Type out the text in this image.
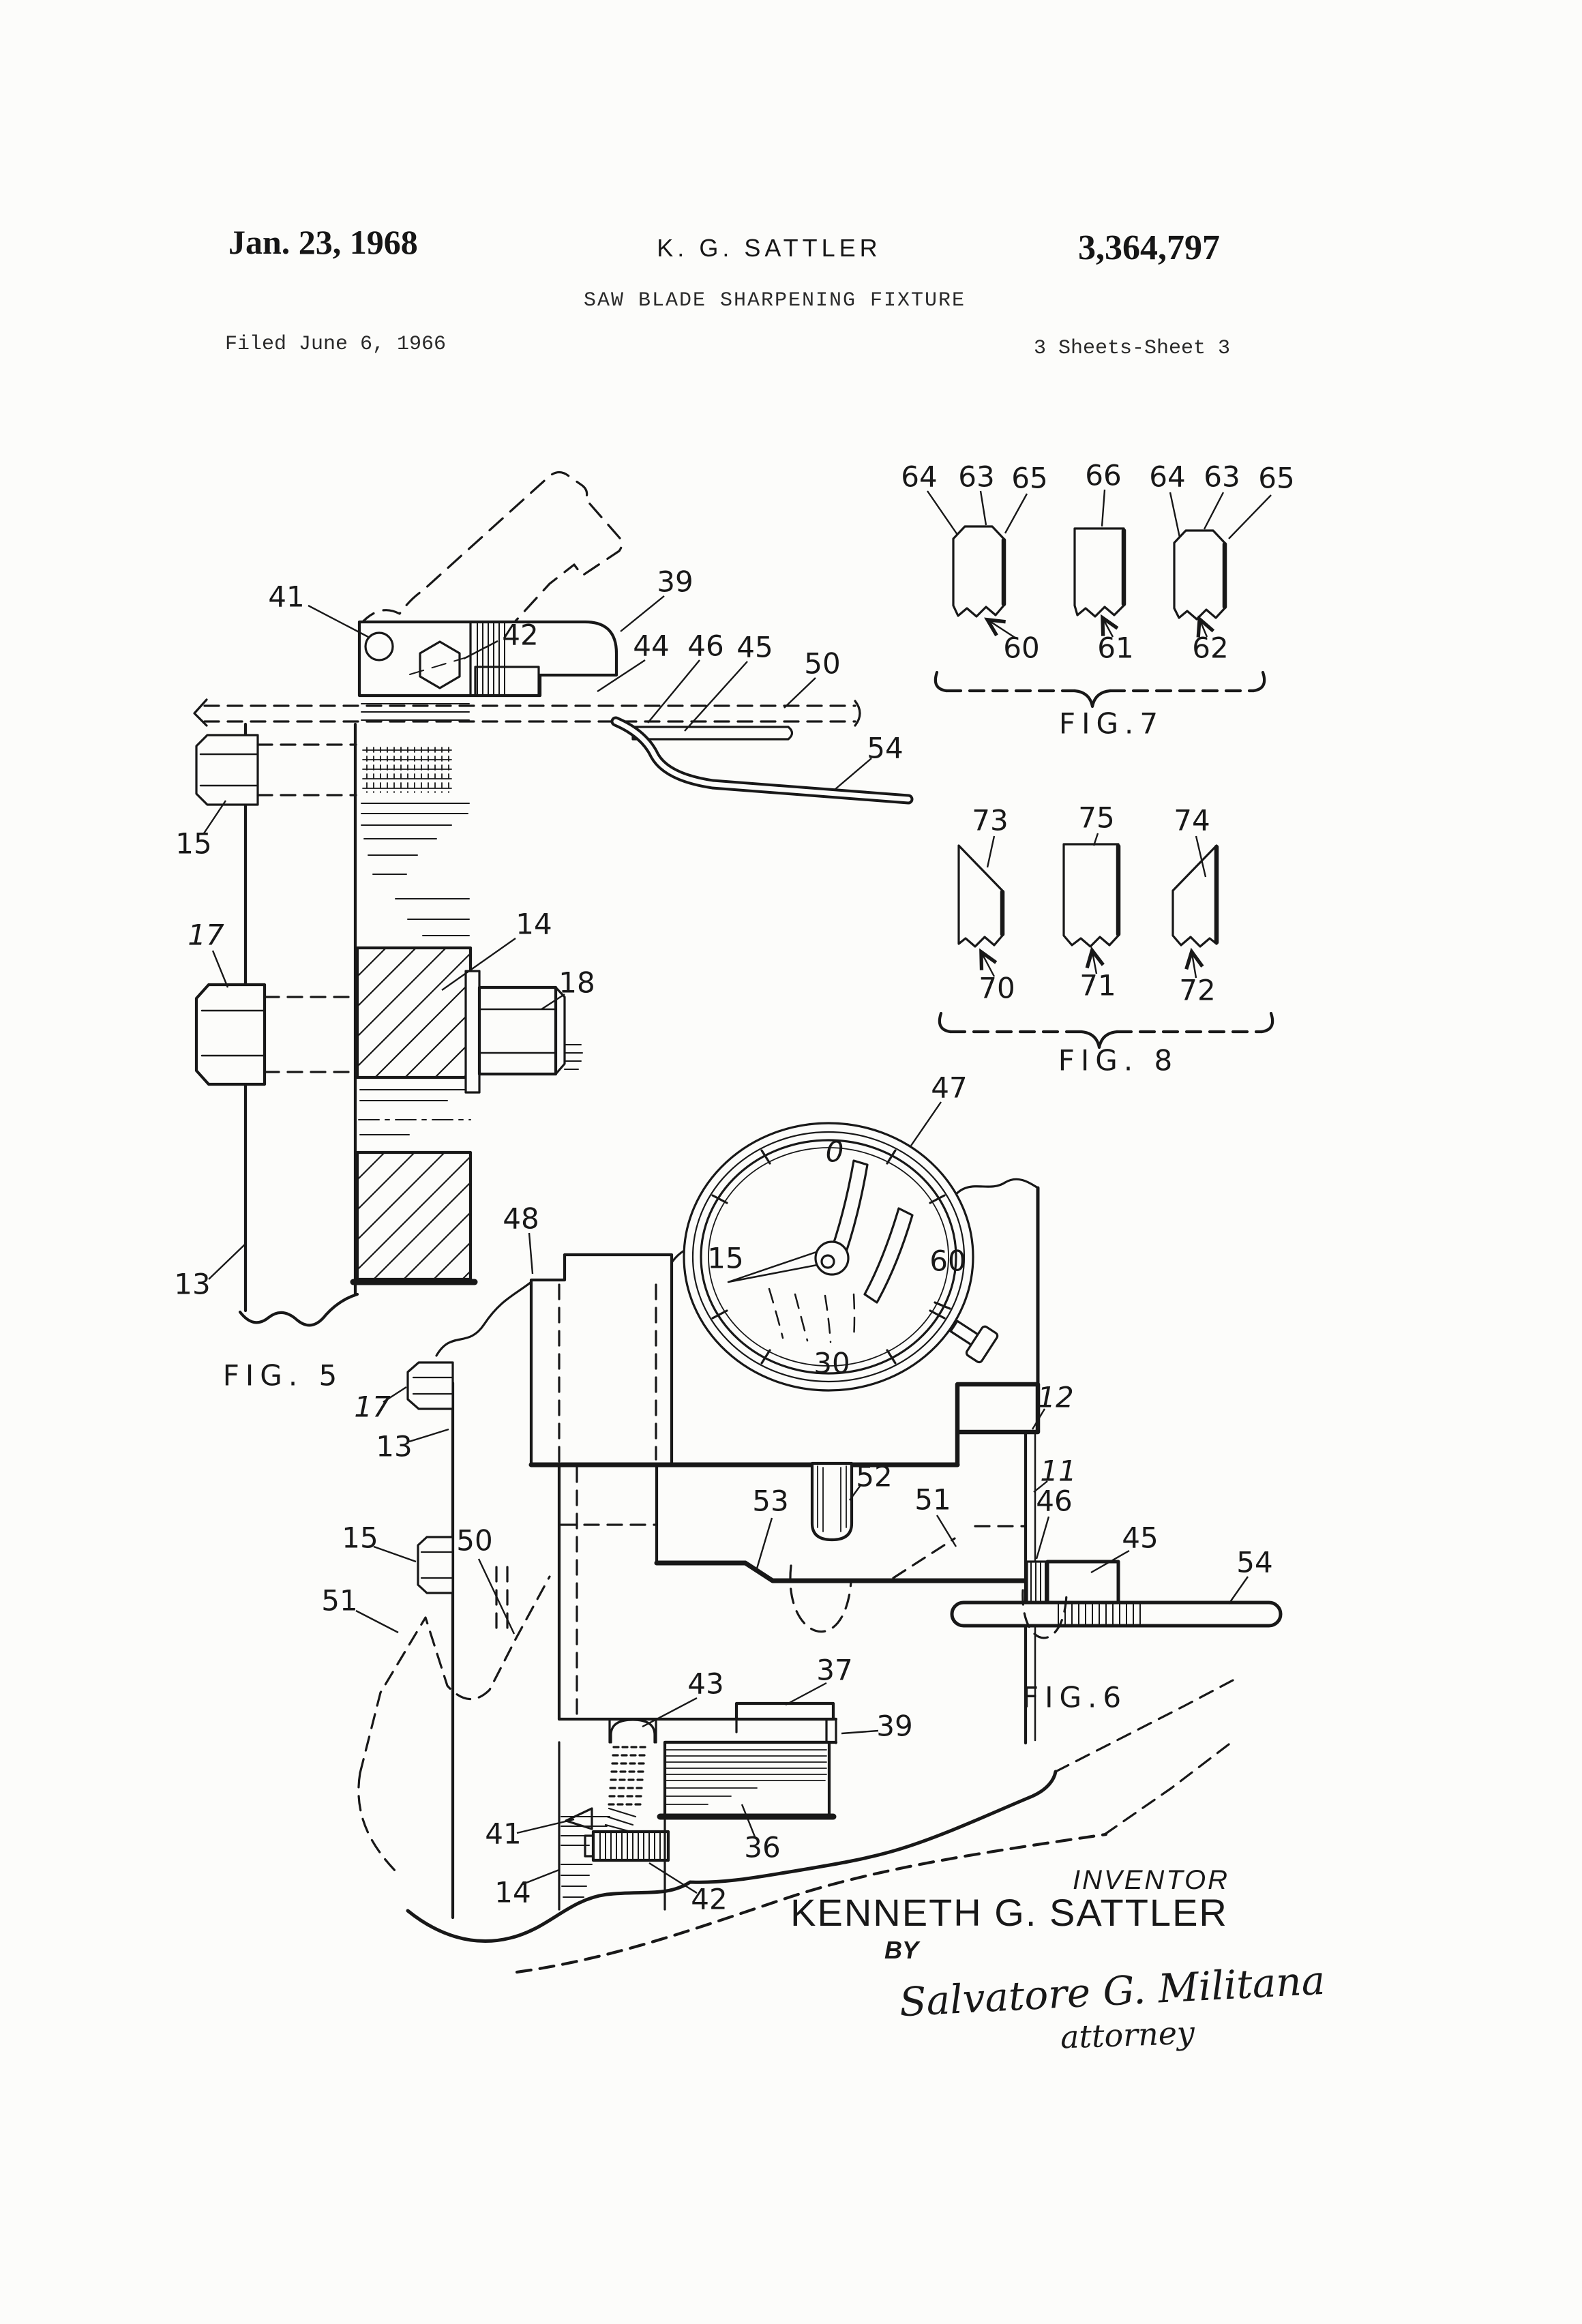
Jan. 23, 1968	K. G. SATTLER	3,364,797
SAW BLADE SHARPENING FIXTURE
Filed June 6, 1966	3 Sheets-Sheet 3
41
42
39
44 46 45 50
54
15
17	14
18
13
47
48
12
11
52
53	51	46
45
54
17
13
15	50
51
43	37
39
41	36
42
14
0
15	60
30
64 63 65 66 64 63 65
60 61 62
73 75 74
70 71 72
FIG. 5
FIG.6
FIG.7
FIG. 8
INVENTOR
KENNETH G. SATTLER
BY
Salvatore G. Militana
attorney
